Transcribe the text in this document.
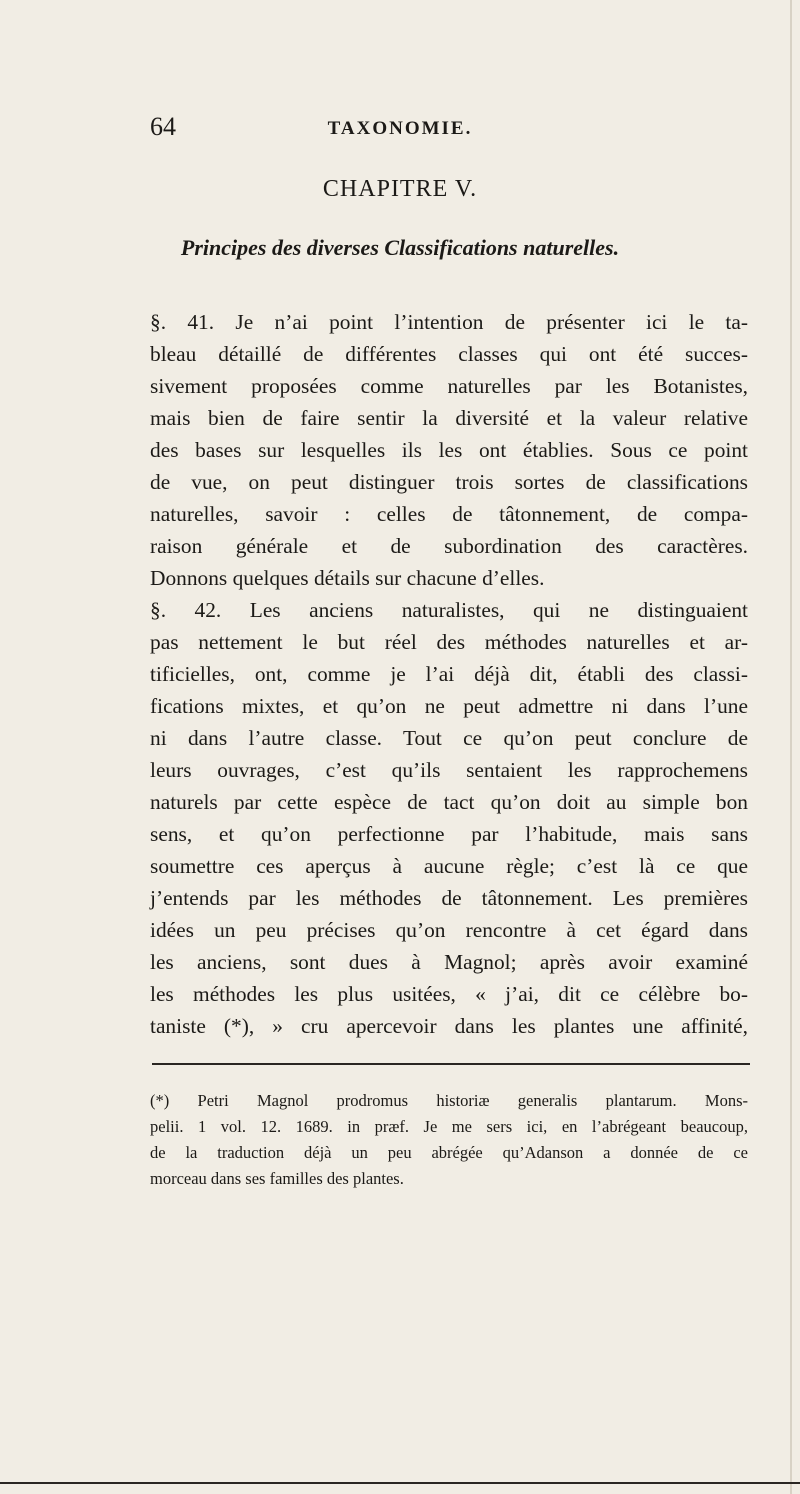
64	TAXONOMIE.
CHAPITRE V.
Principes des diverses Classifications naturelles.
§. 41. Je n’ai point l’intention de présenter ici le ta-
bleau détaillé de différentes classes qui ont été succes-
sivement proposées comme naturelles par les Botanistes,
mais bien de faire sentir la diversité et la valeur relative
des bases sur lesquelles ils les ont établies. Sous ce point
de vue, on peut distinguer trois sortes de classifications
naturelles, savoir : celles de tâtonnement, de compa-
raison générale et de subordination des caractères.
Donnons quelques détails sur chacune d’elles.
§. 42. Les anciens naturalistes, qui ne distinguaient
pas nettement le but réel des méthodes naturelles et ar-
tificielles, ont, comme je l’ai déjà dit, établi des classi-
fications mixtes, et qu’on ne peut admettre ni dans l’une
ni dans l’autre classe. Tout ce qu’on peut conclure de
leurs ouvrages, c’est qu’ils sentaient les rapprochemens
naturels par cette espèce de tact qu’on doit au simple bon
sens, et qu’on perfectionne par l’habitude, mais sans
soumettre ces aperçus à aucune règle; c’est là ce que
j’entends par les méthodes de tâtonnement. Les premières
idées un peu précises qu’on rencontre à cet égard dans
les anciens, sont dues à Magnol; après avoir examiné
les méthodes les plus usitées, « j’ai, dit ce célèbre bo-
taniste (*), » cru apercevoir dans les plantes une affinité,
(*) Petri Magnol prodromus historiæ generalis plantarum. Mons-
pelii. 1 vol. 12. 1689. in præf. Je me sers ici, en l’abrégeant beaucoup,
de la traduction déjà un peu abrégée qu’Adanson a donnée de ce
morceau dans ses familles des plantes.
